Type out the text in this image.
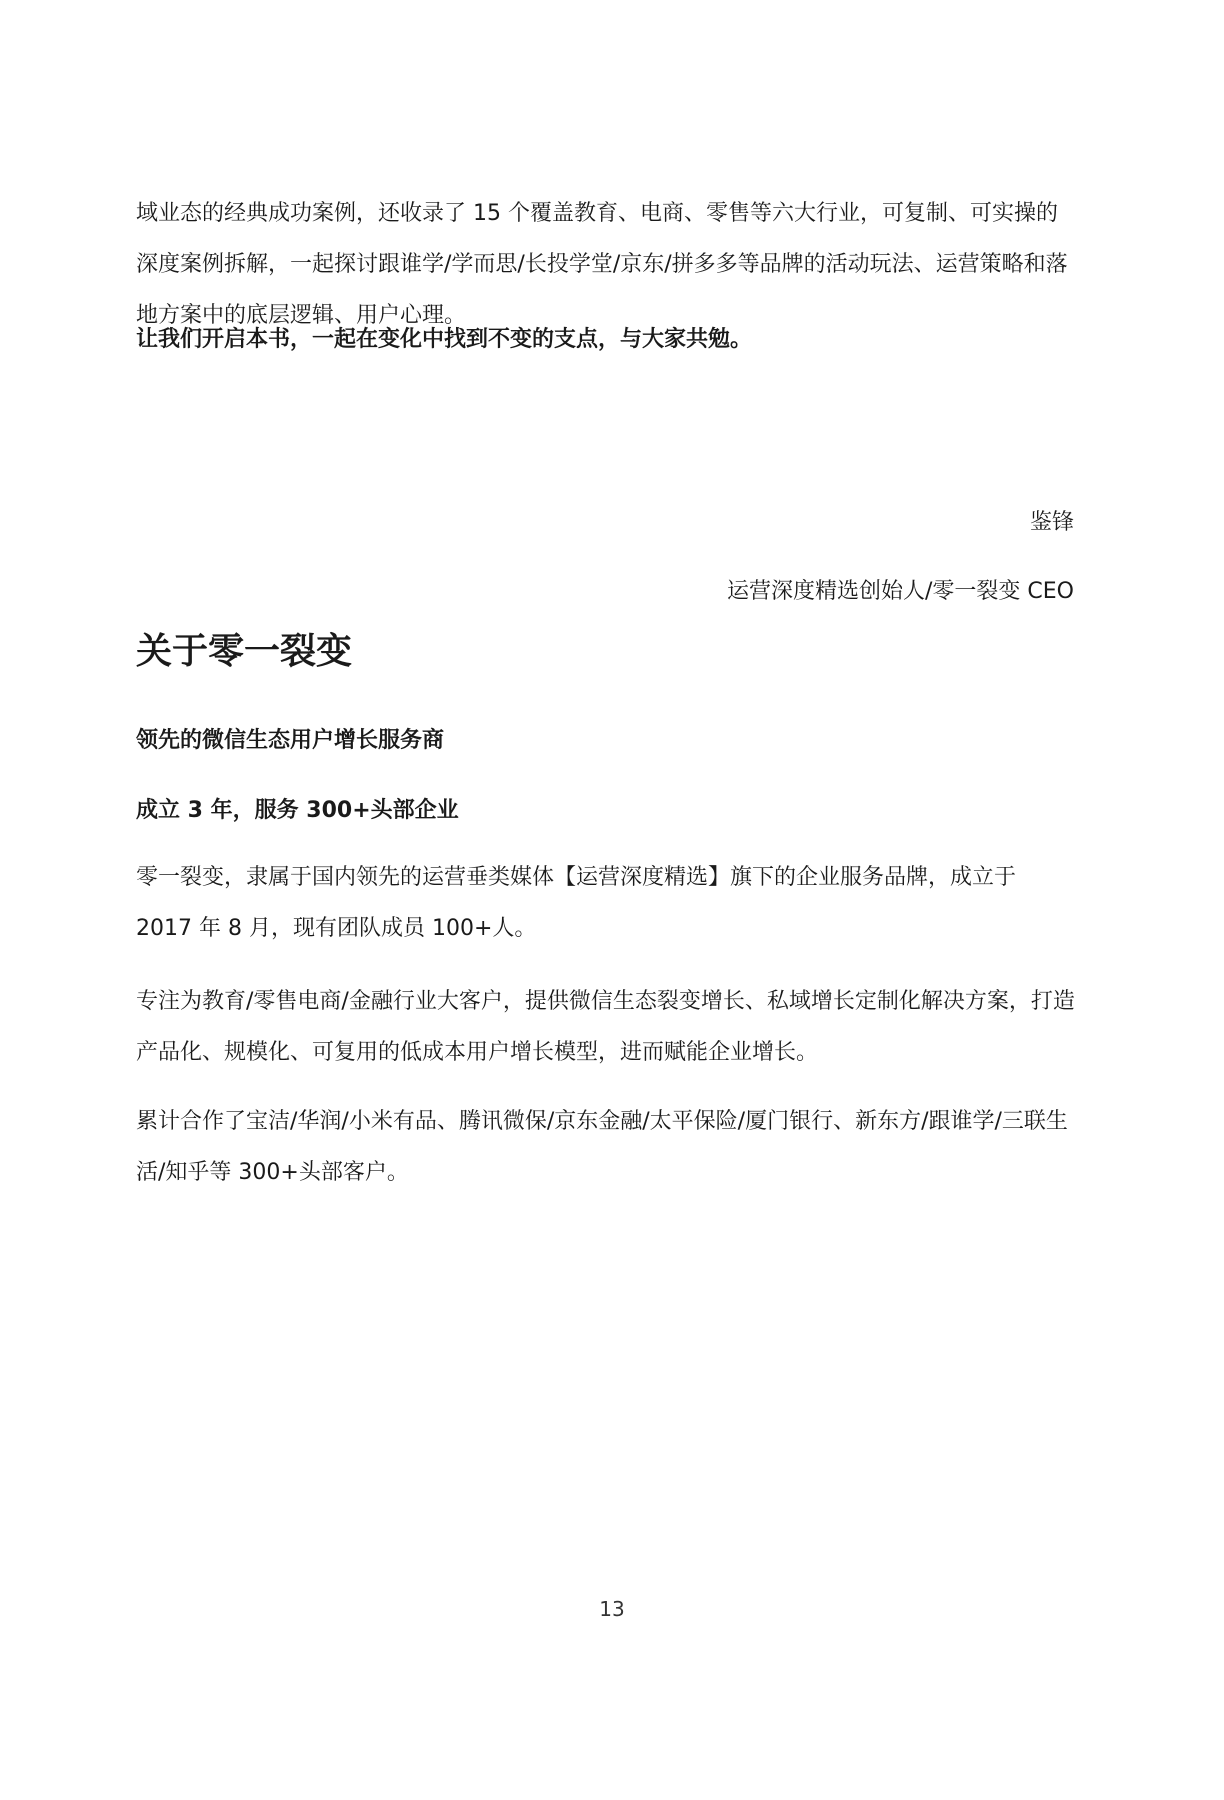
域业态的经典成功案例，还收录了 15 个覆盖教育、电商、零售等六大行业，可复制、可实操的深度案例拆解，一起探讨跟谁学/学而思/长投学堂/京东/拼多多等品牌的活动玩法、运营策略和落地方案中的底层逻辑、用户心理。

让我们开启本书，一起在变化中找到不变的支点，与大家共勉。

鉴锋

运营深度精选创始人/零一裂变 CEO

关于零一裂变

领先的微信生态用户增长服务商

成立 3 年，服务 300+头部企业

零一裂变，隶属于国内领先的运营垂类媒体【运营深度精选】旗下的企业服务品牌，成立于 2017 年 8 月，现有团队成员 100+人。

专注为教育/零售电商/金融行业大客户，提供微信生态裂变增长、私域增长定制化解决方案，打造产品化、规模化、可复用的低成本用户增长模型，进而赋能企业增长。

累计合作了宝洁/华润/小米有品、腾讯微保/京东金融/太平保险/厦门银行、新东方/跟谁学/三联生活/知乎等 300+头部客户。

13
